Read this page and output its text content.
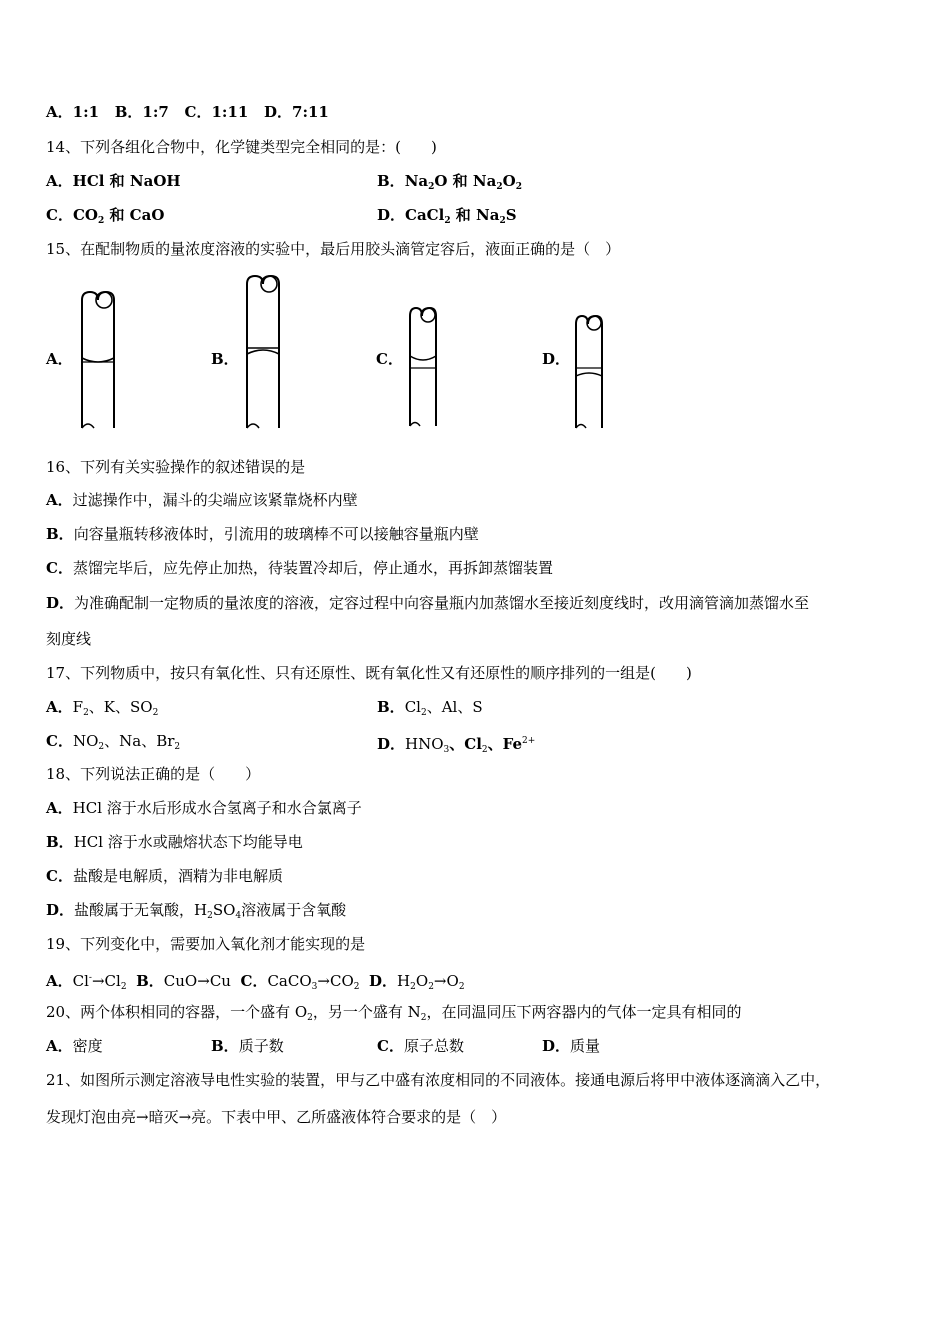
A．1:1 B．1:7 C．1:11 D．7:11
14、下列各组化合物中，化学键类型完全相同的是：(　　)
A．HCl 和 NaOH	B．$Na_2O$ 和 $Na_2O_2$
C．$CO_2$ 和 CaO	D．CaCl$_2$ 和 $Na_2S$
15、在配制物质的量浓度溶液的实验中，最后用胶头滴管定容后，液面正确的是（　）
A．	B．	C．	D．
16、下列有关实验操作的叙述错误的是
A．过滤操作中，漏斗的尖端应该紧靠烧杯内壁
B．向容量瓶转移液体时，引流用的玻璃棒不可以接触容量瓶内壁
C．蒸馏完毕后，应先停止加热，待装置冷却后，停止通水，再拆卸蒸馏装置
D．为准确配制一定物质的量浓度的溶液，定容过程中向容量瓶内加蒸馏水至接近刻度线时，改用滴管滴加蒸馏水至
刻度线
17、下列物质中，按只有氧化性、只有还原性、既有氧化性又有还原性的顺序排列的一组是(　　)
A．$F_2$、K、$SO_2$	B．$Cl_2$、Al、S
C．$NO_2$、Na、$Br_2$	D．$HNO_3$、$Cl_2$、$Fe^{2+}$
18、下列说法正确的是（　　）
A．HCl 溶于水后形成水合氢离子和水合氯离子
B．HCl 溶于水或融熔状态下均能导电
C．盐酸是电解质，酒精为非电解质
D．盐酸属于无氧酸，$H_2SO_4$溶液属于含氧酸
19、下列变化中，需要加入氧化剂才能实现的是
A．$Cl^-\to Cl_2$ B．CuO→Cu C．$CaCO_3\to CO_2$ D．$H_2O_2\to O_2$
20、两个体积相同的容器，一个盛有 $O_2$，另一个盛有 $N_2$，在同温同压下两容器内的气体一定具有相同的
A．密度	B．质子数	C．原子总数	D．质量
21、如图所示测定溶液导电性实验的装置，甲与乙中盛有浓度相同的不同液体。接通电源后将甲中液体逐滴滴入乙中，
发现灯泡由亮→暗灭→亮。下表中甲、乙所盛液体符合要求的是（　）
